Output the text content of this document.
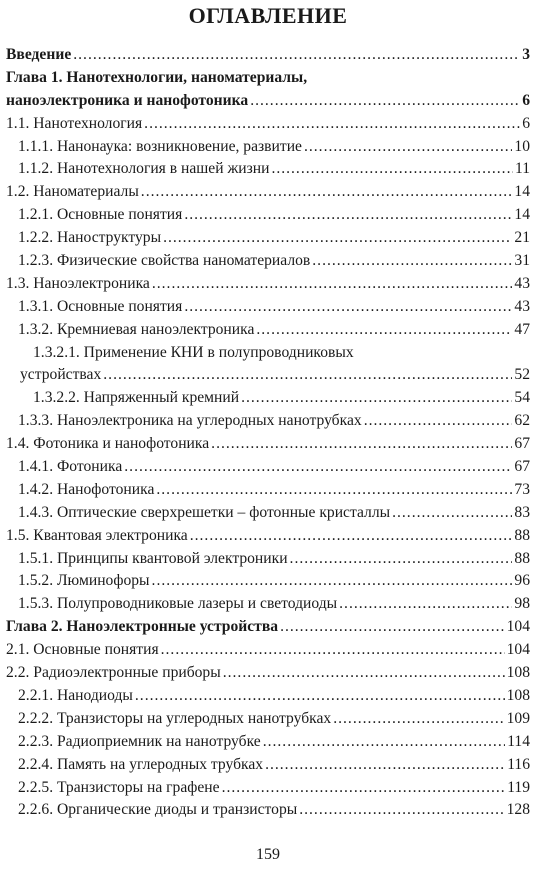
ОГЛАВЛЕНИЕ
Введение .....	3
Глава 1. Нанотехнологии, наноматериалы,
наноэлектроника и нанофотоника .....	6
1.1. Нанотехнология .....	6
1.1.1. Нанонаука: возникновение, развитие .....	10
1.1.2. Нанотехнология в нашей жизни .....	11
1.2. Наноматериалы .....	14
1.2.1. Основные понятия .....	14
1.2.2. Наноструктуры .....	21
1.2.3. Физические свойства наноматериалов .....	31
1.3. Наноэлектроника .....	43
1.3.1. Основные понятия .....	43
1.3.2. Кремниевая наноэлектроника .....	47
1.3.2.1. Применение КНИ в полупроводниковых
устройствах .....	52
1.3.2.2. Напряженный кремний .....	54
1.3.3. Наноэлектроника на углеродных нанотрубках .....	62
1.4. Фотоника и нанофотоника .....	67
1.4.1. Фотоника .....	67
1.4.2. Нанофотоника .....	73
1.4.3. Оптические сверхрешетки – фотонные кристаллы .....	83
1.5. Квантовая электроника .....	88
1.5.1. Принципы квантовой электроники .....	88
1.5.2. Люминофоры .....	96
1.5.3. Полупроводниковые лазеры и светодиоды .....	98
Глава 2. Наноэлектронные устройства .....	104
2.1. Основные понятия .....	104
2.2. Радиоэлектронные приборы .....	108
2.2.1. Нанодиоды .....	108
2.2.2. Транзисторы на углеродных нанотрубках .....	109
2.2.3. Радиоприемник на нанотрубке .....	114
2.2.4. Память на углеродных трубках .....	116
2.2.5. Транзисторы на графене .....	119
2.2.6. Органические диоды и транзисторы .....	128
159
